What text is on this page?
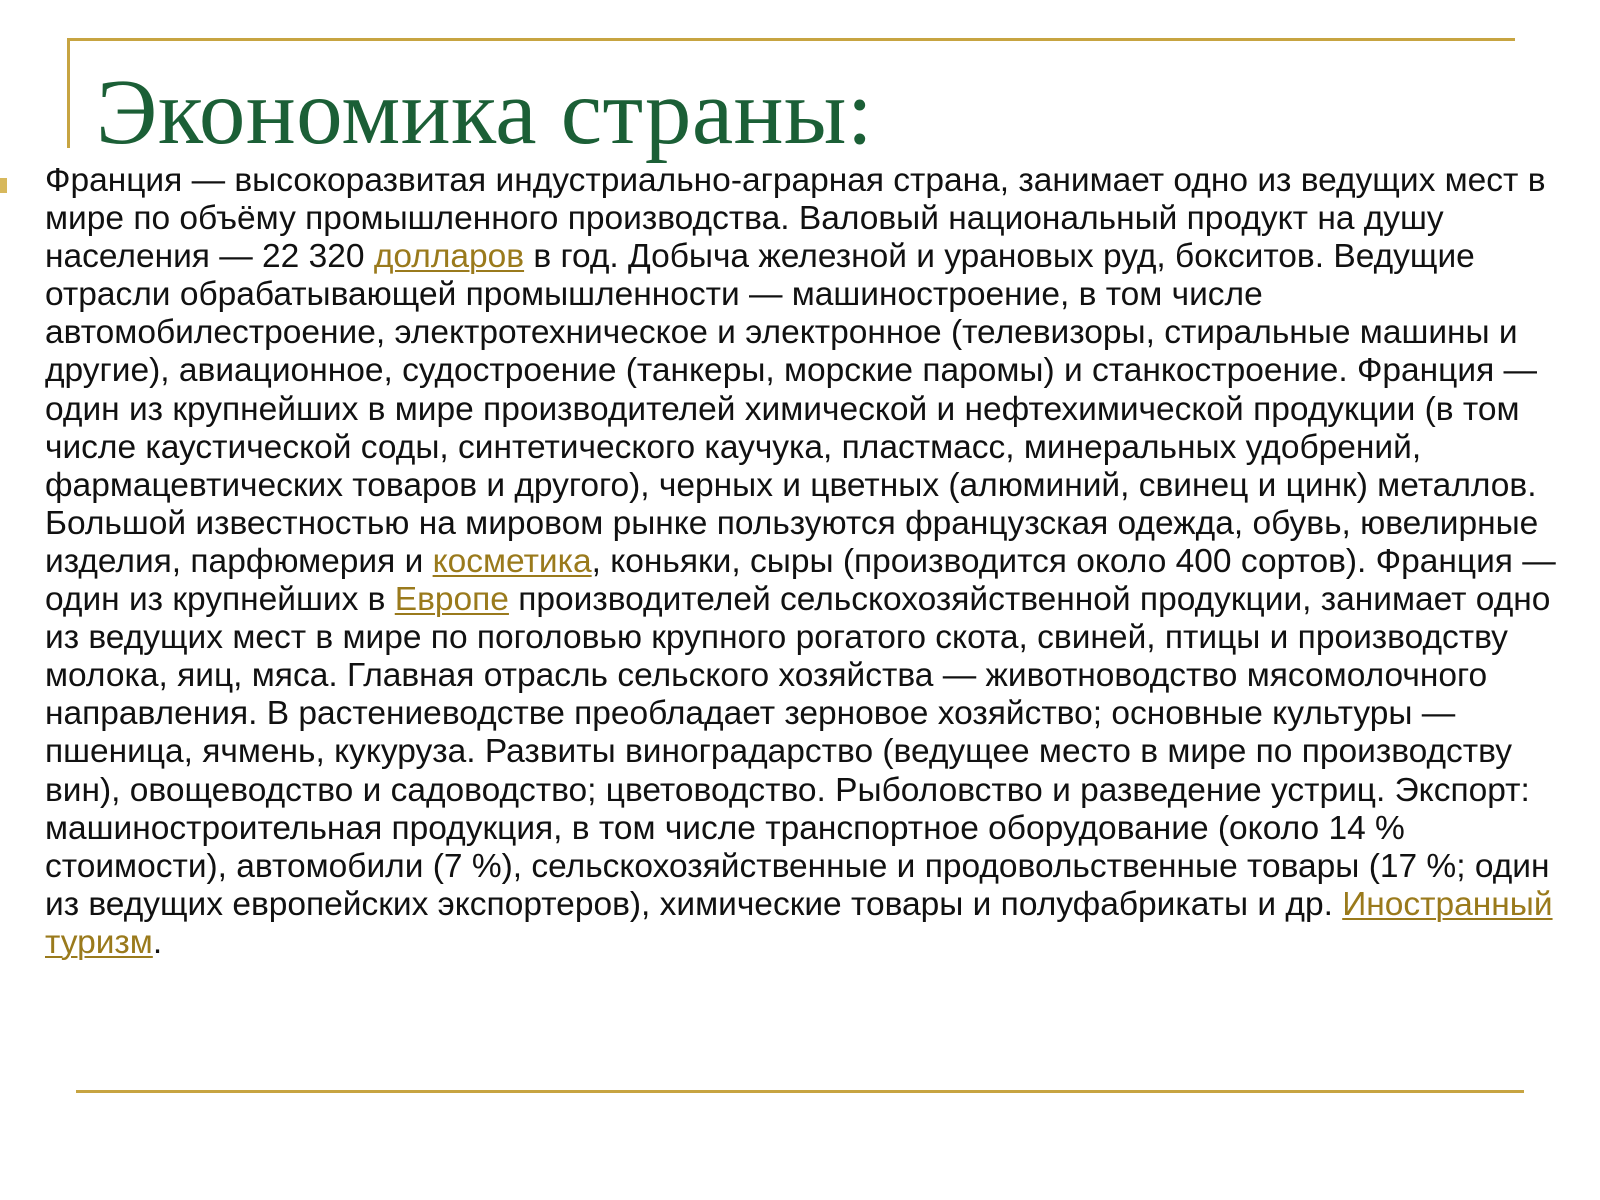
Экономика страны:

Франция — высокоразвитая индустриально-аграрная страна, занимает одно из ведущих мест в мире по объёму промышленного производства. Валовый национальный продукт на душу населения — 22 320 долларов в год. Добыча железной и урановых руд, бокситов. Ведущие отрасли обрабатывающей промышленности — машиностроение, в том числе автомобилестроение, электротехническое и электронное (телевизоры, стиральные машины и другие), авиационное, судостроение (танкеры, морские паромы) и станкостроение. Франция — один из крупнейших в мире производителей химической и нефтехимической продукции (в том числе каустической соды, синтетического каучука, пластмасс, минеральных удобрений, фармацевтических товаров и другого), черных и цветных (алюминий, свинец и цинк) металлов. Большой известностью на мировом рынке пользуются французская одежда, обувь, ювелирные изделия, парфюмерия и косметика, коньяки, сыры (производится около 400 сортов). Франция — один из крупнейших в Европе производителей сельскохозяйственной продукции, занимает одно из ведущих мест в мире по поголовью крупного рогатого скота, свиней, птицы и производству молока, яиц, мяса. Главная отрасль сельского хозяйства — животноводство мясомолочного направления. В растениеводстве преобладает зерновое хозяйство; основные культуры — пшеница, ячмень, кукуруза. Развиты виноградарство (ведущее место в мире по производству вин), овощеводство и садоводство; цветоводство. Рыболовство и разведение устриц. Экспорт: машиностроительная продукция, в том числе транспортное оборудование (около 14 % стоимости), автомобили (7 %), сельскохозяйственные и продовольственные товары (17 %; один из ведущих европейских экспортеров), химические товары и полуфабрикаты и др. Иностранный туризм.
